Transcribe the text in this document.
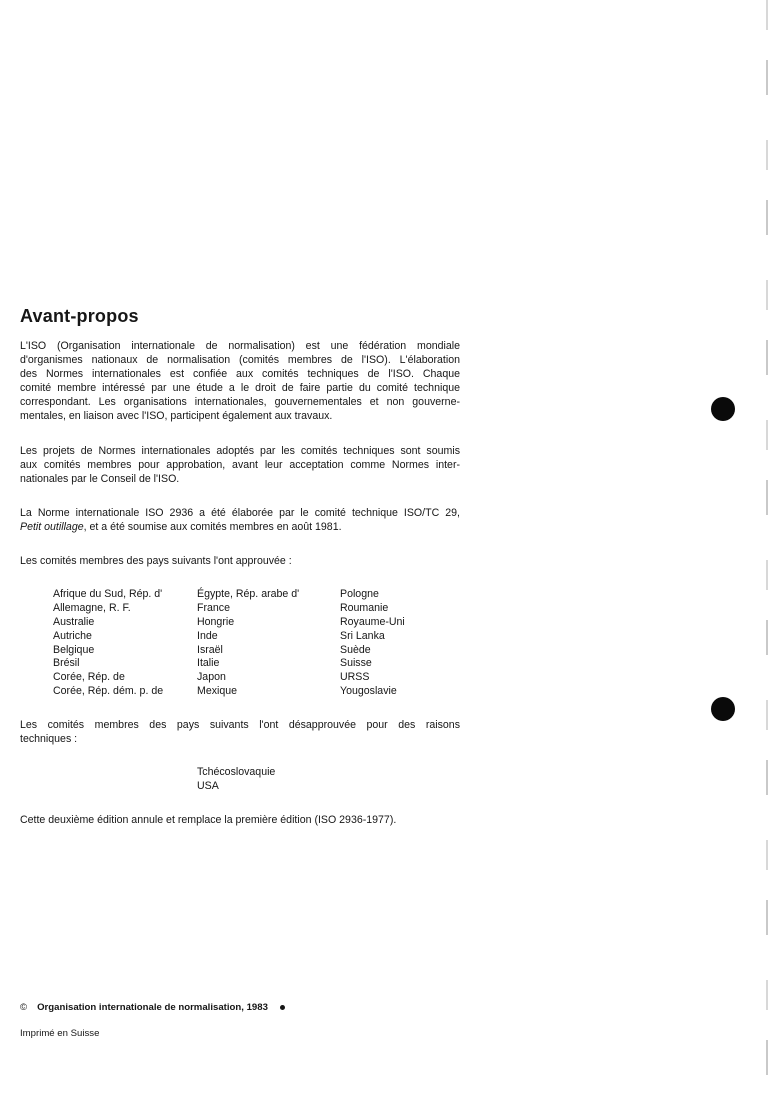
Avant-propos
L'ISO (Organisation internationale de normalisation) est une fédération mondiale
d'organismes nationaux de normalisation (comités membres de l'ISO). L'élaboration
des Normes internationales est confiée aux comités techniques de l'ISO. Chaque
comité membre intéressé par une étude a le droit de faire partie du comité technique
correspondant. Les organisations internationales, gouvernementales et non gouverne-
mentales, en liaison avec l'ISO, participent également aux travaux.
Les projets de Normes internationales adoptés par les comités techniques sont soumis
aux comités membres pour approbation, avant leur acceptation comme Normes inter-
nationales par le Conseil de l'ISO.
La Norme internationale ISO 2936 a été élaborée par le comité technique ISO/TC 29,
Petit outillage, et a été soumise aux comités membres en août 1981.
Les comités membres des pays suivants l'ont approuvée :
Afrique du Sud, Rép. d'
Allemagne, R. F.
Australie
Autriche
Belgique
Brésil
Corée, Rép. de
Corée, Rép. dém. p. de
Égypte, Rép. arabe d'
France
Hongrie
Inde
Israël
Italie
Japon
Mexique
Pologne
Roumanie
Royaume-Uni
Sri Lanka
Suède
Suisse
URSS
Yougoslavie
Les comités membres des pays suivants l'ont désapprouvée pour des raisons
techniques :
Tchécoslovaquie
USA
Cette deuxième édition annule et remplace la première édition (ISO 2936-1977).
© Organisation internationale de normalisation, 1983
Imprimé en Suisse
